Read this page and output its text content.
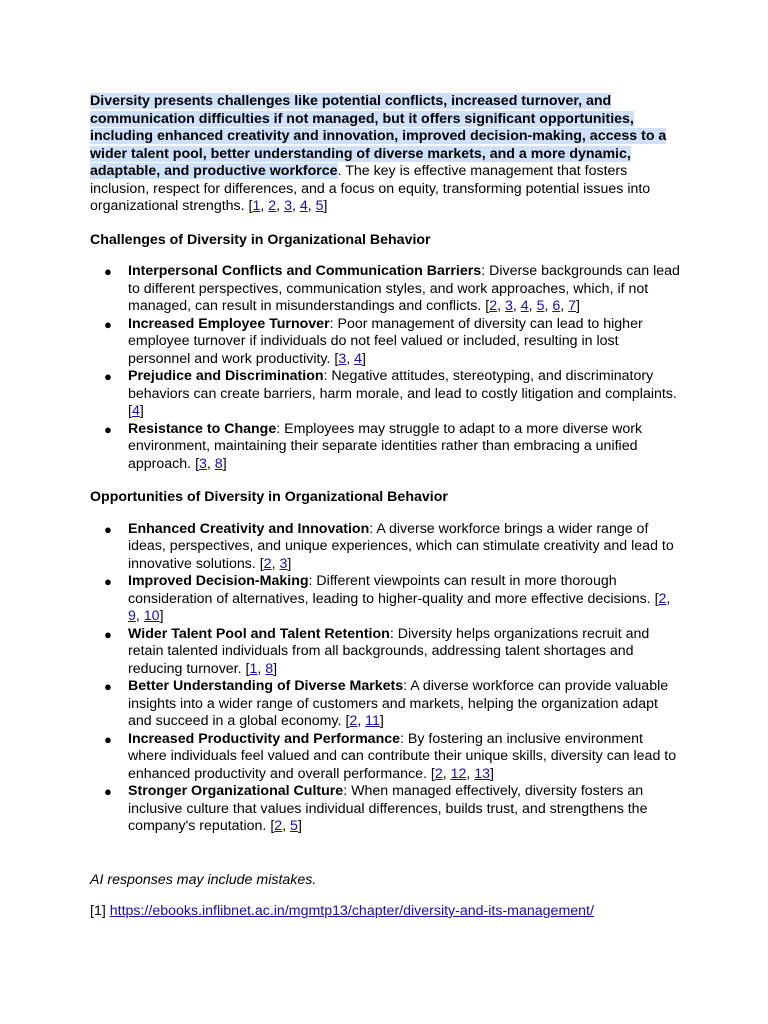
Diversity presents challenges like potential conflicts, increased turnover, and communication difficulties if not managed, but it offers significant opportunities, including enhanced creativity and innovation, improved decision-making, access to a wider talent pool, better understanding of diverse markets, and a more dynamic, adaptable, and productive workforce. The key is effective management that fosters inclusion, respect for differences, and a focus on equity, transforming potential issues into organizational strengths. [1, 2, 3, 4, 5]

Challenges of Diversity in Organizational Behavior
● Interpersonal Conflicts and Communication Barriers: Diverse backgrounds can lead to different perspectives, communication styles, and work approaches, which, if not managed, can result in misunderstandings and conflicts. [2, 3, 4, 5, 6, 7]
● Increased Employee Turnover: Poor management of diversity can lead to higher employee turnover if individuals do not feel valued or included, resulting in lost personnel and work productivity. [3, 4]
● Prejudice and Discrimination: Negative attitudes, stereotyping, and discriminatory behaviors can create barriers, harm morale, and lead to costly litigation and complaints. [4]
● Resistance to Change: Employees may struggle to adapt to a more diverse work environment, maintaining their separate identities rather than embracing a unified approach. [3, 8]
Opportunities of Diversity in Organizational Behavior
● Enhanced Creativity and Innovation: A diverse workforce brings a wider range of ideas, perspectives, and unique experiences, which can stimulate creativity and lead to innovative solutions. [2, 3]
● Improved Decision-Making: Different viewpoints can result in more thorough consideration of alternatives, leading to higher-quality and more effective decisions. [2, 9, 10]
● Wider Talent Pool and Talent Retention: Diversity helps organizations recruit and retain talented individuals from all backgrounds, addressing talent shortages and reducing turnover. [1, 8]
● Better Understanding of Diverse Markets: A diverse workforce can provide valuable insights into a wider range of customers and markets, helping the organization adapt and succeed in a global economy. [2, 11]
● Increased Productivity and Performance: By fostering an inclusive environment where individuals feel valued and can contribute their unique skills, diversity can lead to enhanced productivity and overall performance. [2, 12, 13]
● Stronger Organizational Culture: When managed effectively, diversity fosters an inclusive culture that values individual differences, builds trust, and strengthens the company's reputation. [2, 5]

AI responses may include mistakes.

[1] https://ebooks.inflibnet.ac.in/mgmtp13/chapter/diversity-and-its-management/
